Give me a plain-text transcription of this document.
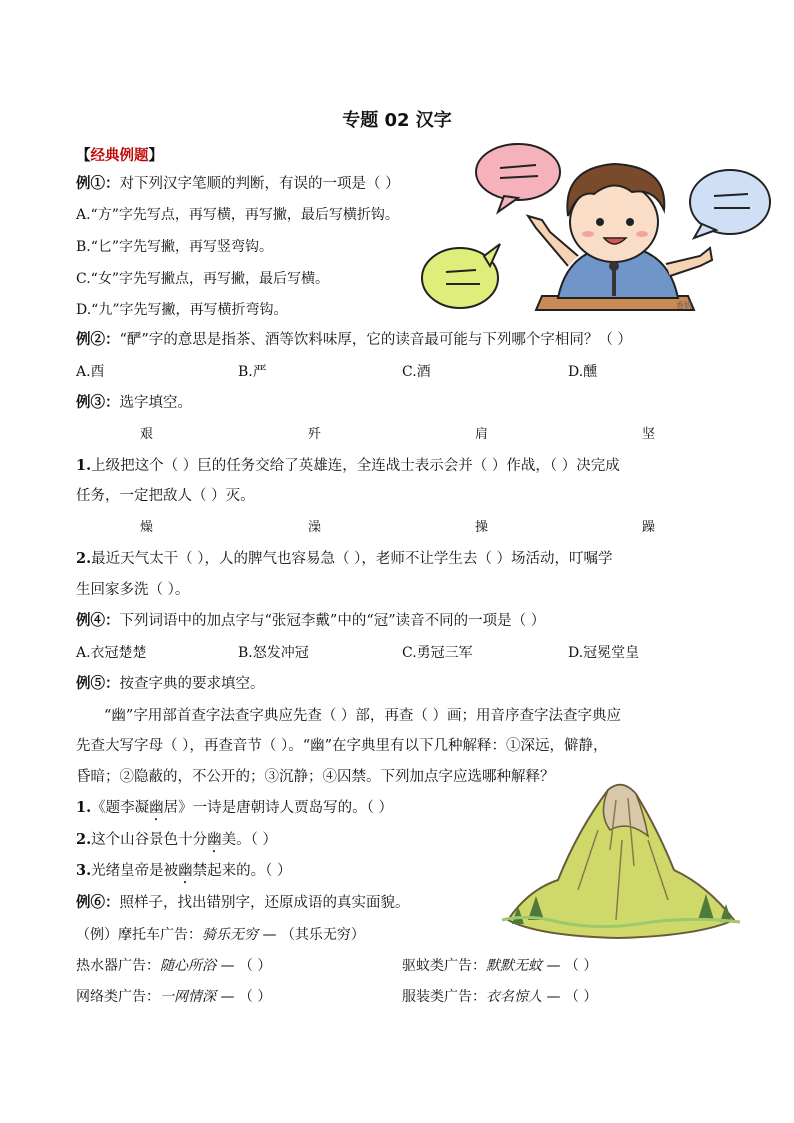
专题 02 汉字
【经典例题】
例①：对下列汉字笔顺的判断，有误的一项是（ ）
A.“方”字先写点，再写横，再写撇，最后写横折钩。
B.“匕”字先写撇，再写竖弯钩。
C.“女”字先写撇点，再写撇，最后写横。
D.“九”字先写撇，再写横折弯钩。	香妈
例②：“酽”字的意思是指茶、酒等饮料味厚，它的读音最可能与下列哪个字相同？（ ）
A.酉	B.严	C.酒	D.醺
例③：选字填空。
艰	歼	肩	坚
1.上级把这个（ ）巨的任务交给了英雄连，全连战士表示会并（ ）作战，（ ）决完成
任务，一定把敌人（ ）灭。
燥	澡	操	躁
2.最近天气太干（ ），人的脾气也容易急（ ），老师不让学生去（ ）场活动，叮嘱学
生回家多洗（ ）。
例④：下列词语中的加点字与“张冠李戴”中的“冠”读音不同的一项是（ ）
A.衣冠楚楚	B.怒发冲冠	C.勇冠三军	D.冠冕堂皇
例⑤：按查字典的要求填空。
“幽”字用部首查字法查字典应先查（ ）部，再查（ ）画；用音序查字法查字典应
先查大写字母（ ），再查音节（ ）。“幽”在字典里有以下几种解释：①深远，僻静，
昏暗；②隐蔽的，不公开的；③沉静；④囚禁。下列加点字应选哪种解释？
1.《题李凝幽居》一诗是唐朝诗人贾岛写的。（ ）
2.这个山谷景色十分幽美。（ ）
3.光绪皇帝是被幽禁起来的。（ ）
例⑥：照样子，找出错别字，还原成语的真实面貌。
（例）摩托车广告：骑乐无穷 — （其乐无穷）
热水器广告：随心所浴 — （ ）	驱蚊类广告：默默无蚊 — （ ）
网络类广告：一网情深 — （ ）	服装类广告：衣名惊人 — （ ）
